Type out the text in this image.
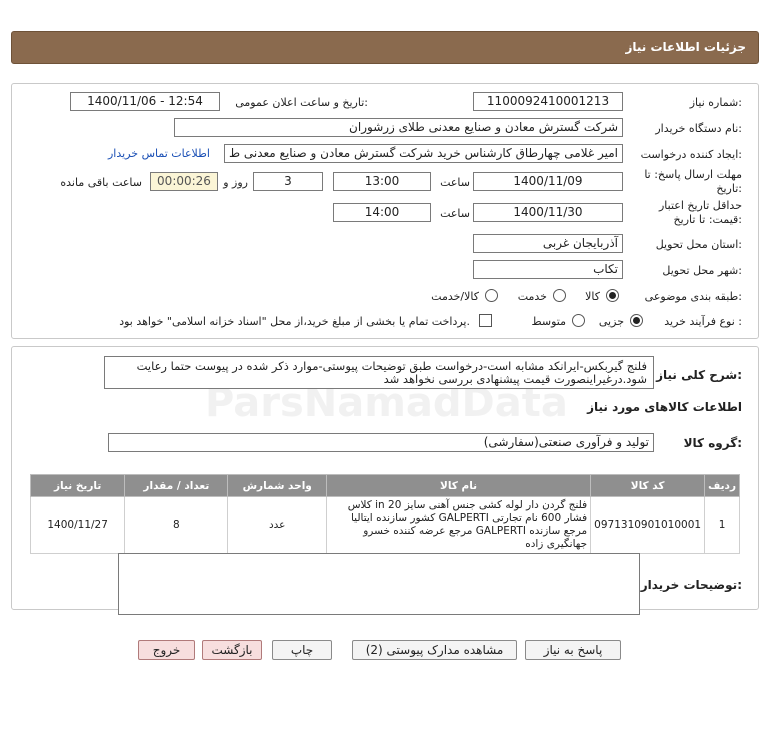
ParsNamadData
جزئیات اطلاعات نیاز
شماره نیاز:
1100092410001213
تاریخ و ساعت اعلان عمومی:
1400/11/06 - 12:54
نام دستگاه خریدار:
شرکت گسترش معادن و صنایع معدنی طلای زرشوران
ایجاد کننده درخواست:
امیر غلامی چهارطاق کارشناس خرید شرکت گسترش معادن و صنایع معدنی ط
اطلاعات تماس خریدار
مهلت ارسال پاسخ: تا
تاریخ:
1400/11/09
ساعت
13:00
3
روز و
00:00:26
ساعت باقی مانده
حداقل تاریخ اعتبار
قیمت: تا تاریخ:
1400/11/30
ساعت
14:00
استان محل تحویل:
آذربایجان غربی
شهر محل تحویل:
تکاب
طبقه بندی موضوعی:
کالا
خدمت
کالا/خدمت
نوع فرآیند خرید :
جزیی
متوسط
پرداخت تمام یا بخشی از مبلغ خرید،از محل "اسناد خزانه اسلامی" خواهد بود.
شرح کلی نیاز:
فلنج گیربکس-ایرانکد مشابه است-درخواست طبق توضیحات پیوستی-موارد ذکر شده در پیوست حتما رعایت شود.درغیراینصورت قیمت پیشنهادی بررسی نخواهد شد
اطلاعات کالاهای مورد نیاز
گروه کالا:
تولید و فرآوری صنعتی(سفارشی)
ردیف	کد کالا	نام کالا	واحد شمارش	تعداد / مقدار	تاریخ نیاز
1	0971310901010001	فلنج گردن دار لوله کشی جنس آهنی سایز 20 in کلاس فشار 600 نام تجارتی GALPERTI کشور سازنده ایتالیا مرجع سازنده GALPERTI مرجع عرضه کننده خسرو جهانگیری زاده	عدد	8	1400/11/27
توضیحات خریدار:
پاسخ به نیاز
مشاهده مدارک پیوستی (2)
چاپ
بازگشت
خروج
